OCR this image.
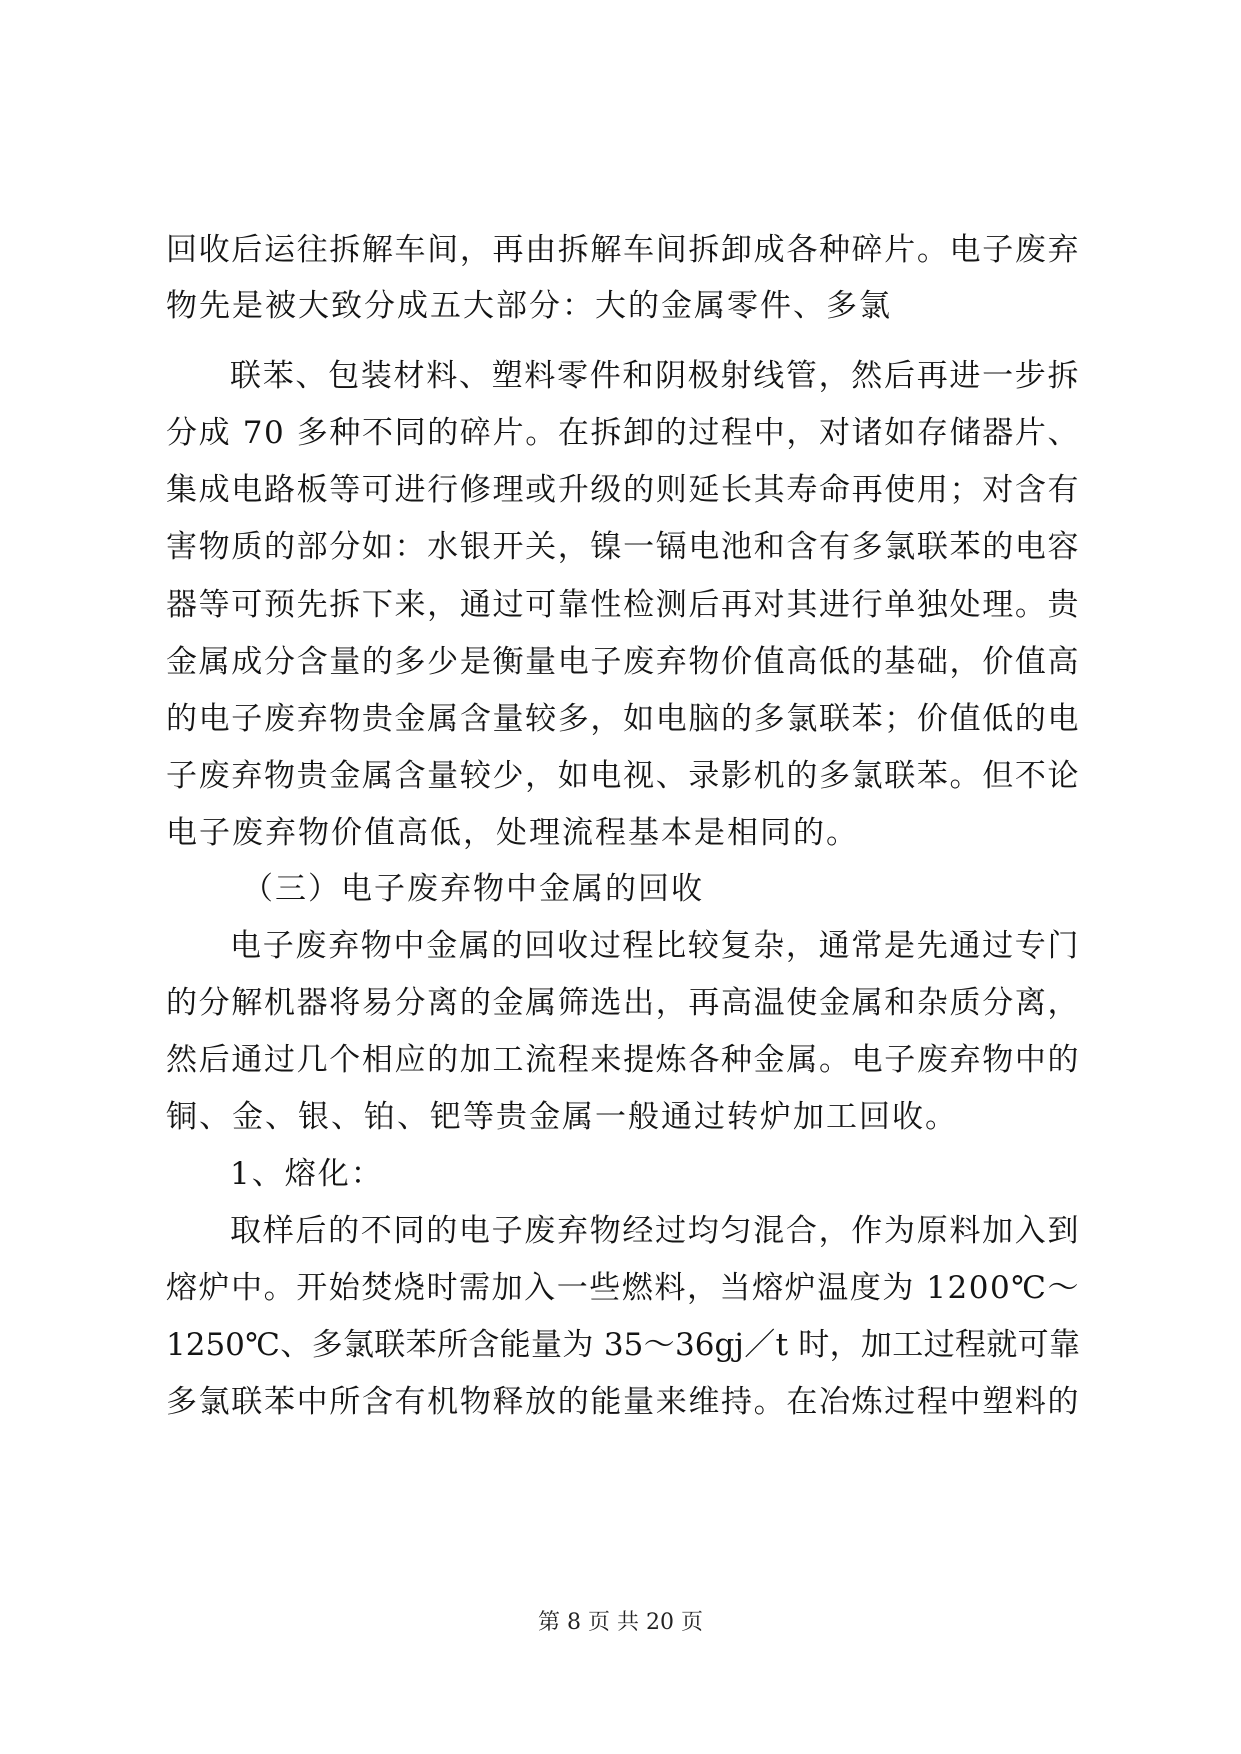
回收后运往拆解车间，再由拆解车间拆卸成各种碎片。电子废弃
物先是被大致分成五大部分：大的金属零件、多氯
联苯、包装材料、塑料零件和阴极射线管，然后再进一步拆
分成 70 多种不同的碎片。在拆卸的过程中，对诸如存储器片、
集成电路板等可进行修理或升级的则延长其寿命再使用；对含有
害物质的部分如：水银开关，镍一镉电池和含有多氯联苯的电容
器等可预先拆下来，通过可靠性检测后再对其进行单独处理。贵
金属成分含量的多少是衡量电子废弃物价值高低的基础，价值高
的电子废弃物贵金属含量较多，如电脑的多氯联苯；价值低的电
子废弃物贵金属含量较少，如电视、录影机的多氯联苯。但不论
电子废弃物价值高低，处理流程基本是相同的。
（三）电子废弃物中金属的回收
电子废弃物中金属的回收过程比较复杂，通常是先通过专门
的分解机器将易分离的金属筛选出，再高温使金属和杂质分离，
然后通过几个相应的加工流程来提炼各种金属。电子废弃物中的
铜、金、银、铂、钯等贵金属一般通过转炉加工回收。
1、熔化：
取样后的不同的电子废弃物经过均匀混合，作为原料加入到
熔炉中。开始焚烧时需加入一些燃料，当熔炉温度为 1200℃～
1250℃、多氯联苯所含能量为 35～36gj／t 时，加工过程就可靠
多氯联苯中所含有机物释放的能量来维持。在冶炼过程中塑料的
第 8 页 共 20 页
